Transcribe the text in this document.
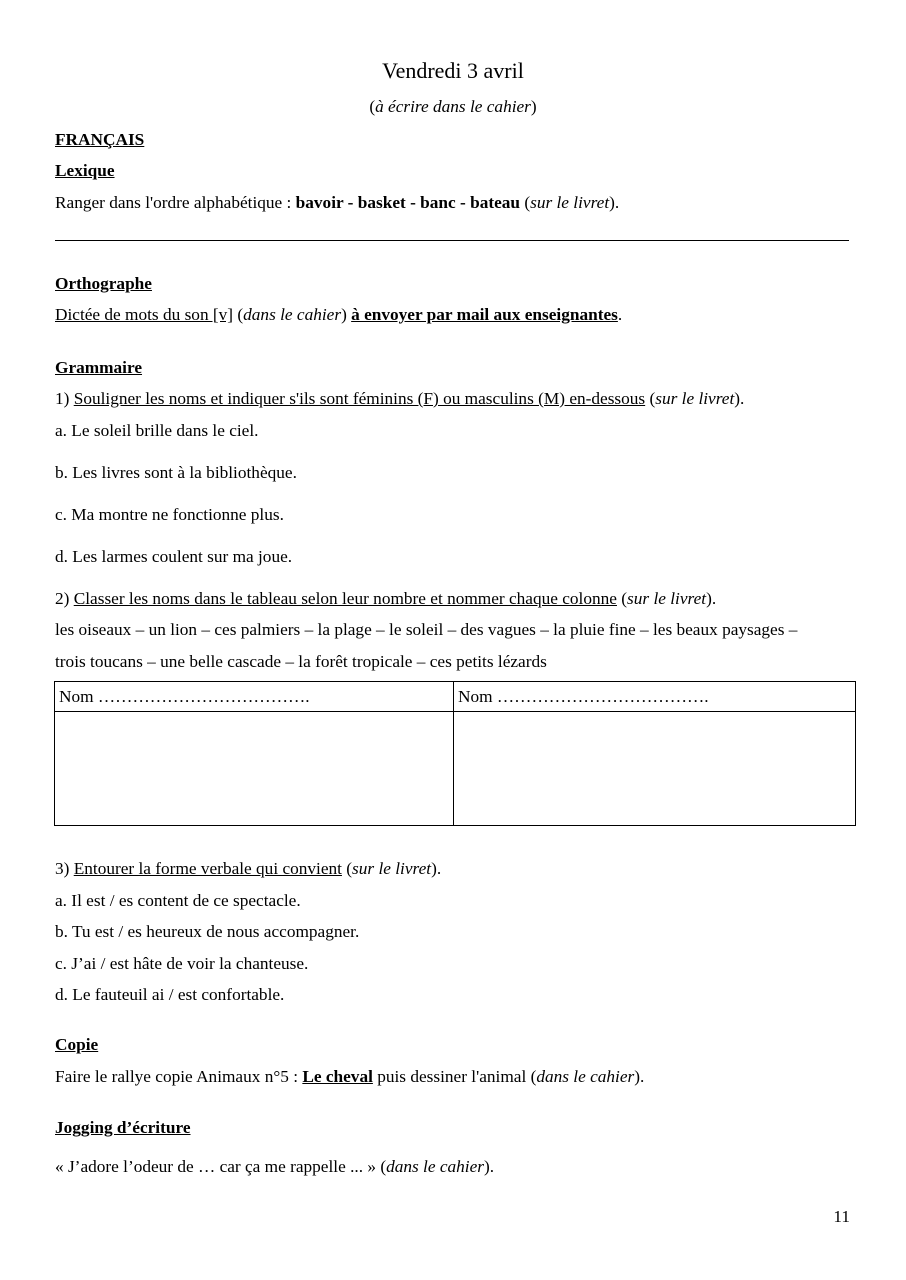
Vendredi 3 avril
(à écrire dans le cahier)
FRANÇAIS
Lexique
Ranger dans l'ordre alphabétique : bavoir - basket - banc - bateau (sur le livret).
Orthographe
Dictée de mots du son [v] (dans le cahier) à envoyer par mail aux enseignantes.
Grammaire
1) Souligner les noms et indiquer s'ils sont féminins (F) ou masculins (M) en-dessous (sur le livret).
a. Le soleil brille dans le ciel.
b. Les livres sont à la bibliothèque.
c. Ma montre ne fonctionne plus.
d. Les larmes coulent sur ma joue.
2) Classer les noms dans le tableau selon leur nombre et nommer chaque colonne (sur le livret).
les oiseaux – un lion – ces palmiers – la plage – le soleil – des vagues – la pluie fine – les beaux paysages –
trois toucans – une belle cascade – la forêt tropicale – ces petits lézards
Nom ……………………………….	Nom ……………………………….

3) Entourer la forme verbale qui convient (sur le livret).
a. Il est / es content de ce spectacle.
b. Tu est / es heureux de nous accompagner.
c. J’ai / est hâte de voir la chanteuse.
d. Le fauteuil ai / est confortable.
Copie
Faire le rallye copie Animaux n°5 : Le cheval puis dessiner l'animal (dans le cahier).
Jogging d’écriture
« J’adore l’odeur de … car ça me rappelle ... » (dans le cahier).
11
